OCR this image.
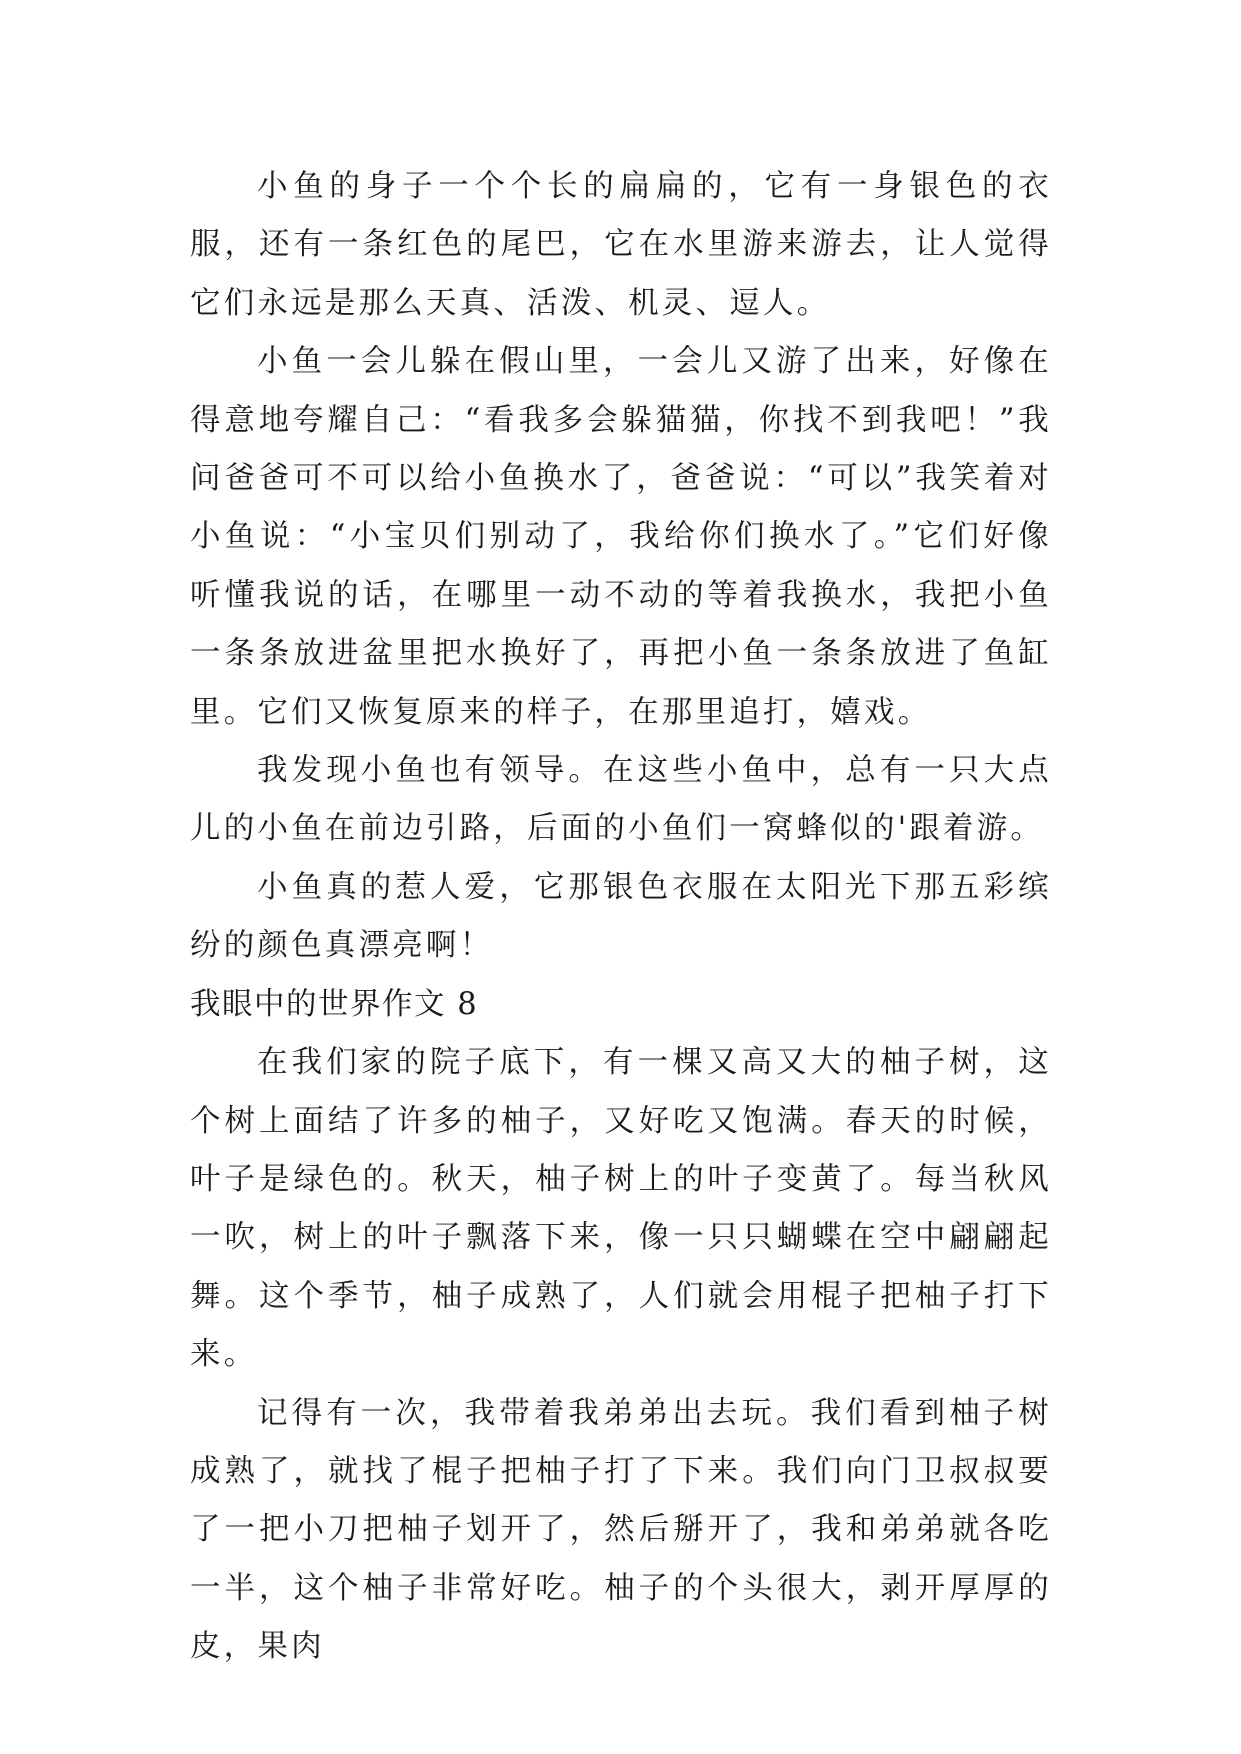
小鱼的身子一个个长的扁扁的，它有一身银色的衣服，还有一条红色的尾巴，它在水里游来游去，让人觉得它们永远是那么天真、活泼、机灵、逗人。

小鱼一会儿躲在假山里，一会儿又游了出来，好像在得意地夸耀自己：“看我多会躲猫猫，你找不到我吧！”我问爸爸可不可以给小鱼换水了，爸爸说：“可以”我笑着对小鱼说：“小宝贝们别动了，我给你们换水了。”它们好像听懂我说的话，在哪里一动不动的等着我换水，我把小鱼一条条放进盆里把水换好了，再把小鱼一条条放进了鱼缸里。它们又恢复原来的样子，在那里追打，嬉戏。

我发现小鱼也有领导。在这些小鱼中，总有一只大点儿的小鱼在前边引路，后面的小鱼们一窝蜂似的'跟着游。

小鱼真的惹人爱，它那银色衣服在太阳光下那五彩缤纷的颜色真漂亮啊！

我眼中的世界作文 8

在我们家的院子底下，有一棵又高又大的柚子树，这个树上面结了许多的柚子，又好吃又饱满。春天的时候，叶子是绿色的。秋天，柚子树上的叶子变黄了。每当秋风一吹，树上的叶子飘落下来，像一只只蝴蝶在空中翩翩起舞。这个季节，柚子成熟了，人们就会用棍子把柚子打下来。

记得有一次，我带着我弟弟出去玩。我们看到柚子树成熟了，就找了棍子把柚子打了下来。我们向门卫叔叔要了一把小刀把柚子划开了，然后掰开了，我和弟弟就各吃一半，这个柚子非常好吃。柚子的个头很大，剥开厚厚的皮，果肉
